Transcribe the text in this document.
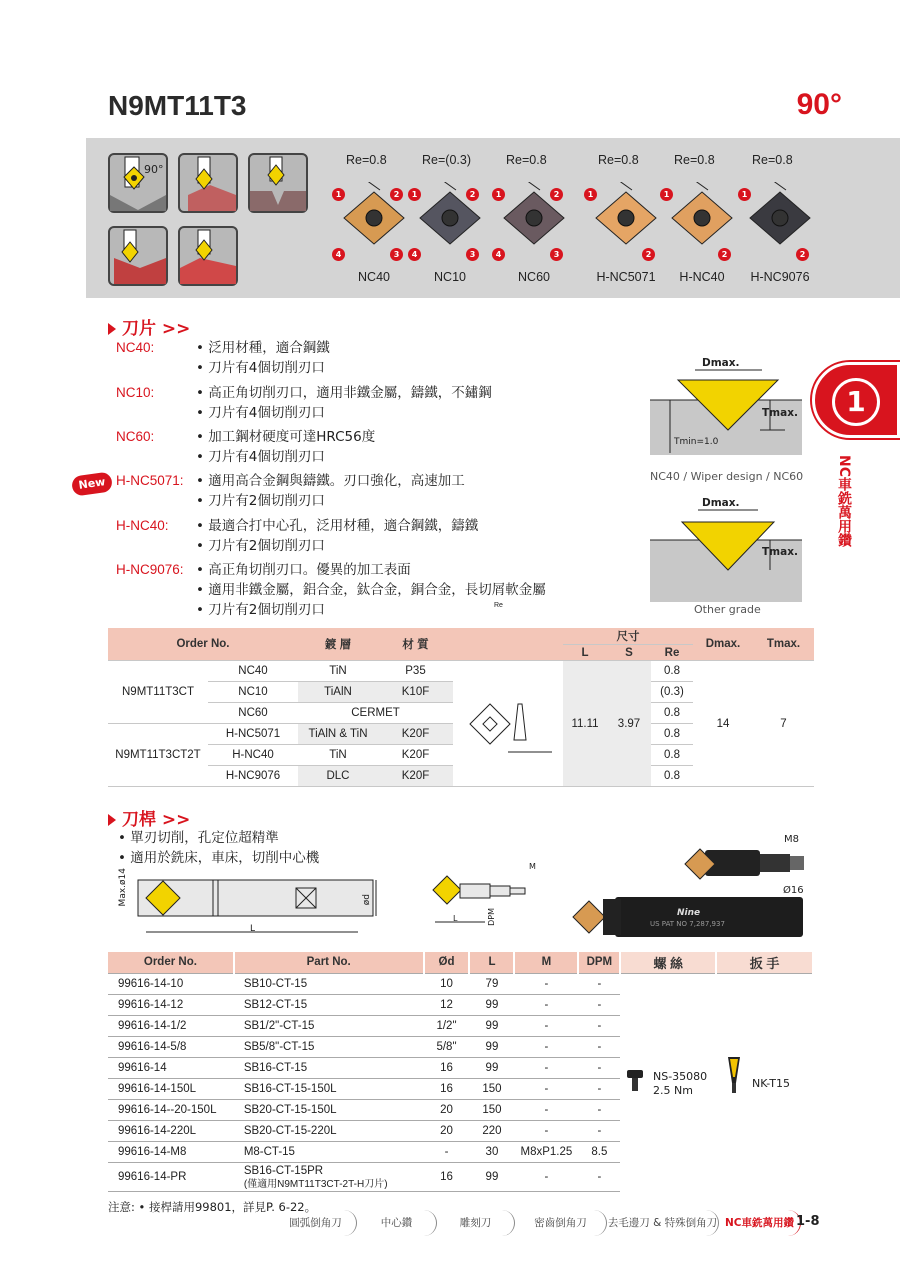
N9MT11T3	90°
90°
Re=0.8
1	2
4	3
NC40
Re=(0.3)
1	2
4	3
NC10
Re=0.8
1	2
4	3
NC60
Re=0.8
1
2
H-NC5071
Re=0.8
1
2
H-NC40
Re=0.8
1
2
H-NC9076
1
NC車銑萬用鑽
刀片 >>
New
NC40:	• 泛用材種，適合鋼鐵
• 刀片有4個切削刃口
NC10:	• 高正角切削刃口，適用非鐵金屬，鑄鐵，不鏽鋼
• 刀片有4個切削刃口
NC60:	• 加工鋼材硬度可達HRC56度
• 刀片有4個切削刃口
H-NC5071: • 適用高合金鋼與鑄鐵。刃口強化，高速加工
• 刀片有2個切削刃口
H-NC40: • 最適合打中心孔，泛用材種，適合鋼鐵，鑄鐵
• 刀片有2個切削刃口
H-NC9076: • 高正角切削刃口。優異的加工表面
• 適用非鐵金屬，鋁合金，鈦合金，銅合金，長切屑軟金屬
• 刀片有2個切削刃口
Dmax.
Tmax.
Tmin=1.0
NC40 / Wiper design / NC60
Dmax.
Tmax.
Other grade
Order No.		鍍 層	材 質		尺寸			Dmax.	Tmax.
					L	S	Re		
N9MT11T3CT	NC40	TiN	P35	Re	11.11	3.97	0.8	14	7
	NC10	TiAlN	K10F				(0.3)		
	NC60	CERMET					0.8		
N9MT11T3CT2T	H-NC5071	TiAlN & TiN	K20F				0.8		
	H-NC40	TiN	K20F				0.8		
	H-NC9076	DLC	K20F				0.8		
刀桿 >>
• 單刃切削，孔定位超精準
• 適用於銑床，車床，切削中心機
Max.ø14	ød
L
M
L	DPM
M8
Nine
US PAT NO 7,287,937
Ø16
Order No.	Part No.	Ød	L	M	DPM	螺 絲	扳 手
99616-14-10	SB10-CT-15	10	79	-	-		
99616-14-12	SB12-CT-15	12	99	-	-		
99616-14-1/2	SB1/2"-CT-15	1/2"	99	-	-		
99616-14-5/8	SB5/8"-CT-15	5/8"	99	-	-		
99616-14	SB16-CT-15	16	99	-	-		
99616-14-150L	SB16-CT-15-150L	16	150	-	-		
99616-14--20-150L	SB20-CT-15-150L	20	150	-	-		
99616-14-220L	SB20-CT-15-220L	20	220	-	-		
99616-14-M8	M8-CT-15	-	30	M8xP1.25	8.5		
99616-14-PR	SB16-CT-15PR
(僅適用N9MT11T3CT-2T-H刀片)	16	99	-	-		
NS-35080
2.5 Nm
NK-T15
注意: • 接桿請用99801，詳見P. 6-22。
圓弧倒角刀	中心鑽	雕刻刀	密齒倒角刀	去毛邊刀 & 特殊倒角刀 NC車銑萬用鑽 1-8
